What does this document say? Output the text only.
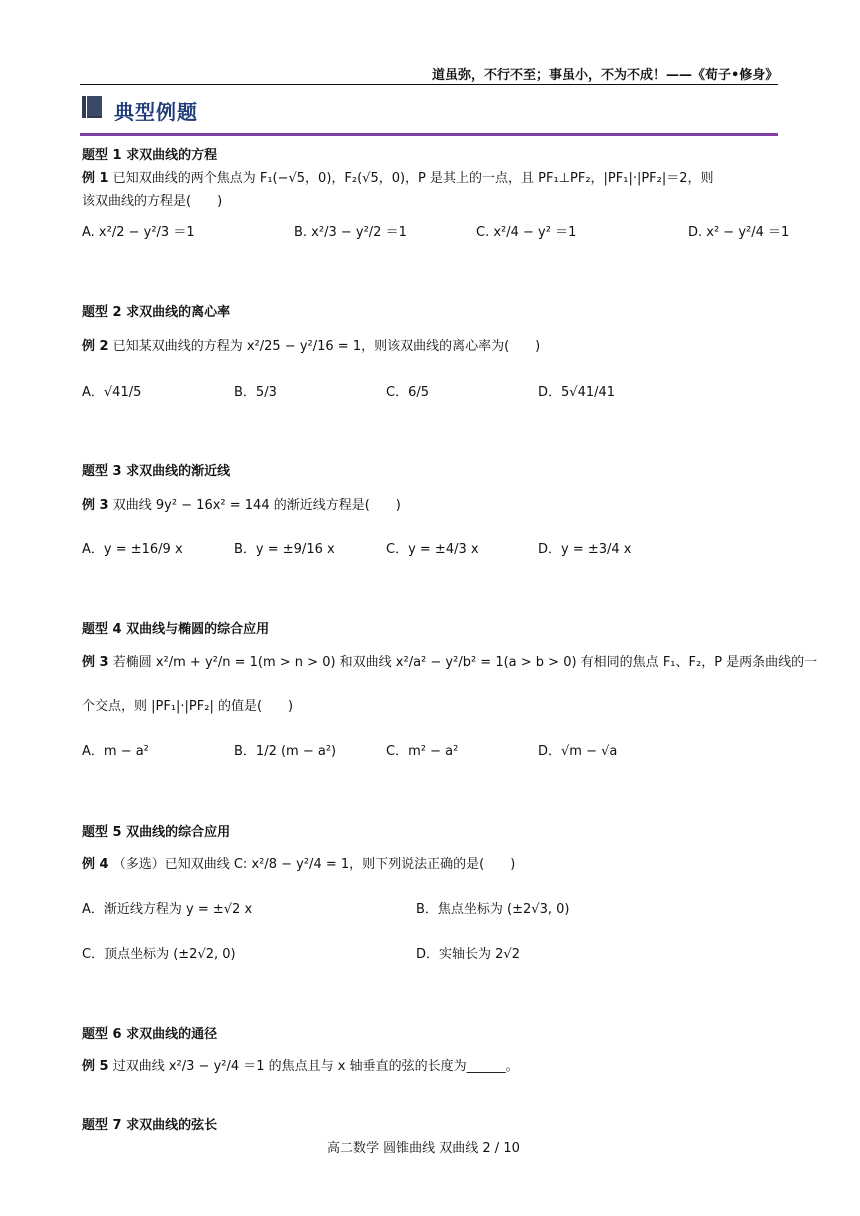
道虽弥，不行不至；事虽小，不为不成！——《荀子•修身》
典型例题
题型 1 求双曲线的方程
例 1 已知双曲线的两个焦点为 F₁(−√5，0)，F₂(√5，0)，P 是其上的一点，且 PF₁⊥PF₂，|PF₁|·|PF₂|＝2，则
该双曲线的方程是(　　)
A. x²/2 − y²/3 ＝1	B. x²/3 − y²/2 ＝1	C. x²/4 − y² ＝1	D. x² − y²/4 ＝1
题型 2 求双曲线的离心率
例 2 已知某双曲线的方程为 x²/25 − y²/16 = 1，则该双曲线的离心率为(　　)
A．√41/5	B．5/3	C．6/5	D．5√41/41
题型 3 求双曲线的渐近线
例 3 双曲线 9y² − 16x² = 144 的渐近线方程是(　　)
A．y = ±16/9 x	B．y = ±9/16 x	C．y = ±4/3 x	D．y = ±3/4 x
题型 4 双曲线与椭圆的综合应用
例 3 若椭圆 x²/m + y²/n = 1(m > n > 0) 和双曲线 x²/a² − y²/b² = 1(a > b > 0) 有相同的焦点 F₁、F₂，P 是两条曲线的一
个交点，则 |PF₁|·|PF₂| 的值是(　　)
A．m − a²	B．1/2 (m − a²)	C．m² − a²	D．√m − √a
题型 5 双曲线的综合应用
例 4 （多选）已知双曲线 C: x²/8 − y²/4 = 1，则下列说法正确的是(　　)
A．渐近线方程为 y = ±√2 x	B．焦点坐标为 (±2√3, 0)
C．顶点坐标为 (±2√2, 0)	D．实轴长为 2√2
题型 6 求双曲线的通径
例 5 过双曲线 x²/3 − y²/4 ＝1 的焦点且与 x 轴垂直的弦的长度为______。
题型 7 求双曲线的弦长
高二数学 圆锥曲线 双曲线 2 / 10
